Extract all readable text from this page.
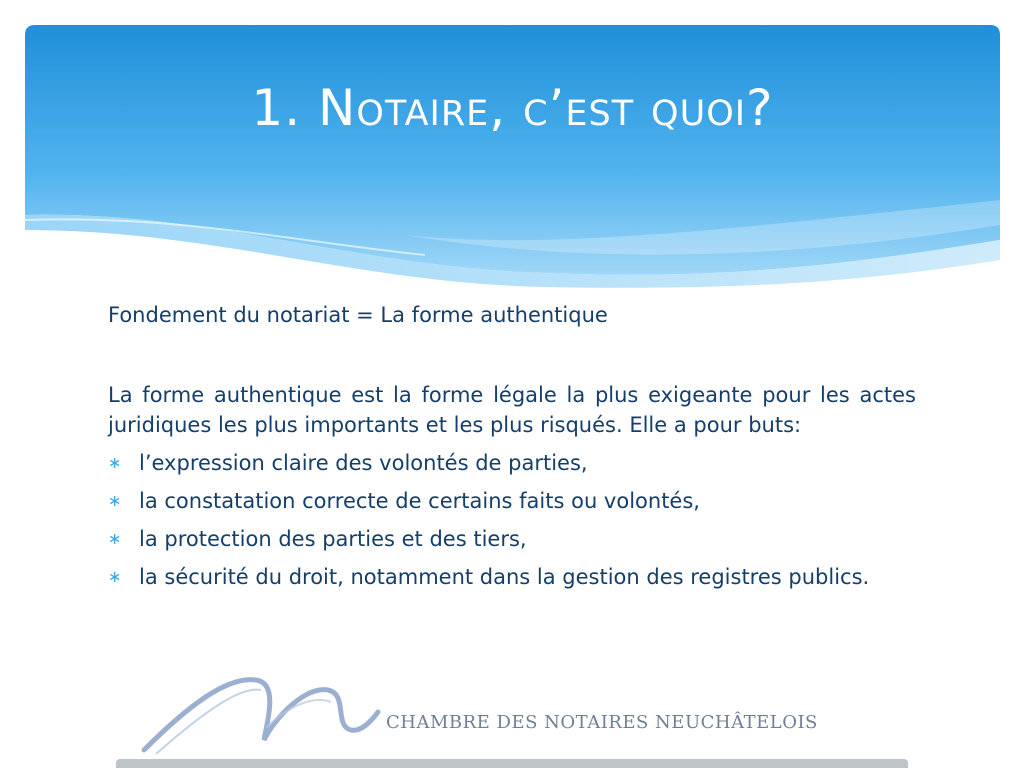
1. Notaire, c’est quoi?

Fondement du notariat = La forme authentique

La forme authentique est la forme légale la plus exigeante pour les actes juridiques les plus importants et les plus risqués. Elle a pour buts:

∗ l’expression claire des volontés de parties,
∗ la constatation correcte de certains faits ou volontés,
∗ la protection des parties et des tiers,
∗ la sécurité du droit, notamment dans la gestion des registres publics.
CHAMBRE DES NOTAIRES NEUCHÂTELOIS
